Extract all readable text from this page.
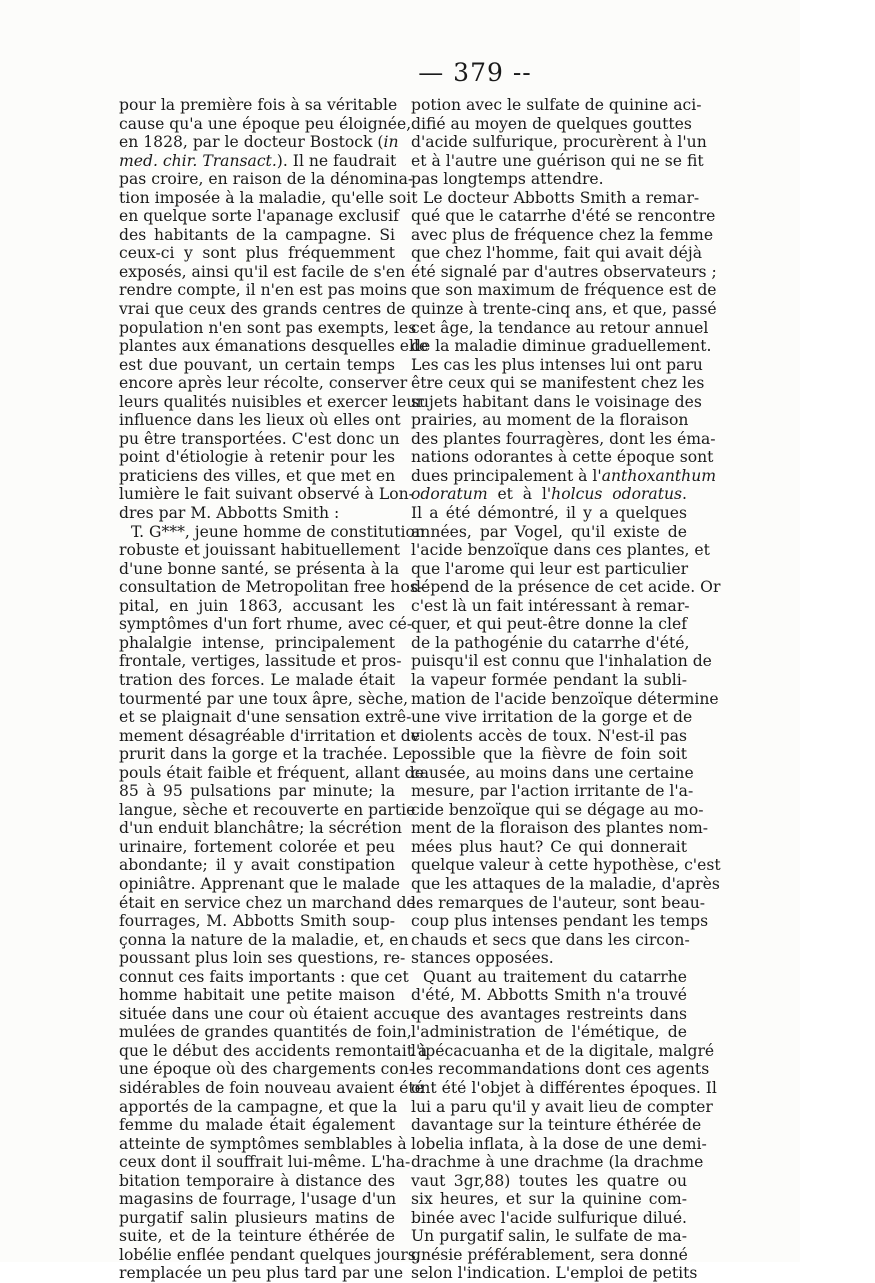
— 379 --
pour la première fois à sa véritable
cause qu'a une époque peu éloignée,
en 1828, par le docteur Bostock (in
med. chir. Transact.). Il ne faudrait
pas croire, en raison de la dénomina-
tion imposée à la maladie, qu'elle soit
en quelque sorte l'apanage exclusif
des habitants de la campagne. Si
ceux-ci y sont plus fréquemment
exposés, ainsi qu'il est facile de s'en
rendre compte, il n'en est pas moins
vrai que ceux des grands centres de
population n'en sont pas exempts, les
plantes aux émanations desquelles elle
est due pouvant, un certain temps
encore après leur récolte, conserver
leurs qualités nuisibles et exercer leur
influence dans les lieux où elles ont
pu être transportées. C'est donc un
point d'étiologie à retenir pour les
praticiens des villes, et que met en
lumière le fait suivant observé à Lon-
dres par M. Abbotts Smith :
T. G***, jeune homme de constitution
robuste et jouissant habituellement
d'une bonne santé, se présenta à la
consultation de Metropolitan free hos-
pital, en juin 1863, accusant les
symptômes d'un fort rhume, avec cé-
phalalgie intense, principalement
frontale, vertiges, lassitude et pros-
tration des forces. Le malade était
tourmenté par une toux âpre, sèche,
et se plaignait d'une sensation extrê-
mement désagréable d'irritation et de
prurit dans la gorge et la trachée. Le
pouls était faible et fréquent, allant de
85 à 95 pulsations par minute; la
langue, sèche et recouverte en partie
d'un enduit blanchâtre; la sécrétion
urinaire, fortement colorée et peu
abondante; il y avait constipation
opiniâtre. Apprenant que le malade
était en service chez un marchand de
fourrages, M. Abbotts Smith soup-
çonna la nature de la maladie, et, en
poussant plus loin ses questions, re-
connut ces faits importants : que cet
homme habitait une petite maison
située dans une cour où étaient accu-
mulées de grandes quantités de foin,
que le début des accidents remontait à
une époque où des chargements con-
sidérables de foin nouveau avaient été
apportés de la campagne, et que la
femme du malade était également
atteinte de symptômes semblables à
ceux dont il souffrait lui-même. L'ha-
bitation temporaire à distance des
magasins de fourrage, l'usage d'un
purgatif salin plusieurs matins de
suite, et de la teinture éthérée de
lobélie enflée pendant quelques jours,
remplacée un peu plus tard par une
potion avec le sulfate de quinine aci-
difié au moyen de quelques gouttes
d'acide sulfurique, procurèrent à l'un
et à l'autre une guérison qui ne se fit
pas longtemps attendre.
Le docteur Abbotts Smith a remar-
qué que le catarrhe d'été se rencontre
avec plus de fréquence chez la femme
que chez l'homme, fait qui avait déjà
été signalé par d'autres observateurs ;
que son maximum de fréquence est de
quinze à trente-cinq ans, et que, passé
cet âge, la tendance au retour annuel
de la maladie diminue graduellement.
Les cas les plus intenses lui ont paru
être ceux qui se manifestent chez les
sujets habitant dans le voisinage des
prairies, au moment de la floraison
des plantes fourragères, dont les éma-
nations odorantes à cette époque sont
dues principalement à l'anthoxanthum
odoratum et à l'holcus odoratus.
Il a été démontré, il y a quelques
années, par Vogel, qu'il existe de
l'acide benzoïque dans ces plantes, et
que l'arome qui leur est particulier
dépend de la présence de cet acide. Or
c'est là un fait intéressant à remar-
quer, et qui peut-être donne la clef
de la pathogénie du catarrhe d'été,
puisqu'il est connu que l'inhalation de
la vapeur formée pendant la subli-
mation de l'acide benzoïque détermine
une vive irritation de la gorge et de
violents accès de toux. N'est-il pas
possible que la fièvre de foin soit
causée, au moins dans une certaine
mesure, par l'action irritante de l'a-
cide benzoïque qui se dégage au mo-
ment de la floraison des plantes nom-
mées plus haut? Ce qui donnerait
quelque valeur à cette hypothèse, c'est
que les attaques de la maladie, d'après
les remarques de l'auteur, sont beau-
coup plus intenses pendant les temps
chauds et secs que dans les circon-
stances opposées.
Quant au traitement du catarrhe
d'été, M. Abbotts Smith n'a trouvé
que des avantages restreints dans
l'administration de l'émétique, de
l'ipécacuanha et de la digitale, malgré
les recommandations dont ces agents
ont été l'objet à différentes époques. Il
lui a paru qu'il y avait lieu de compter
davantage sur la teinture éthérée de
lobelia inflata, à la dose de une demi-
drachme à une drachme (la drachme
vaut 3gr,88) toutes les quatre ou
six heures, et sur la quinine com-
binée avec l'acide sulfurique dilué.
Un purgatif salin, le sulfate de ma-
gnésie préférablement, sera donné
selon l'indication. L'emploi de petits
